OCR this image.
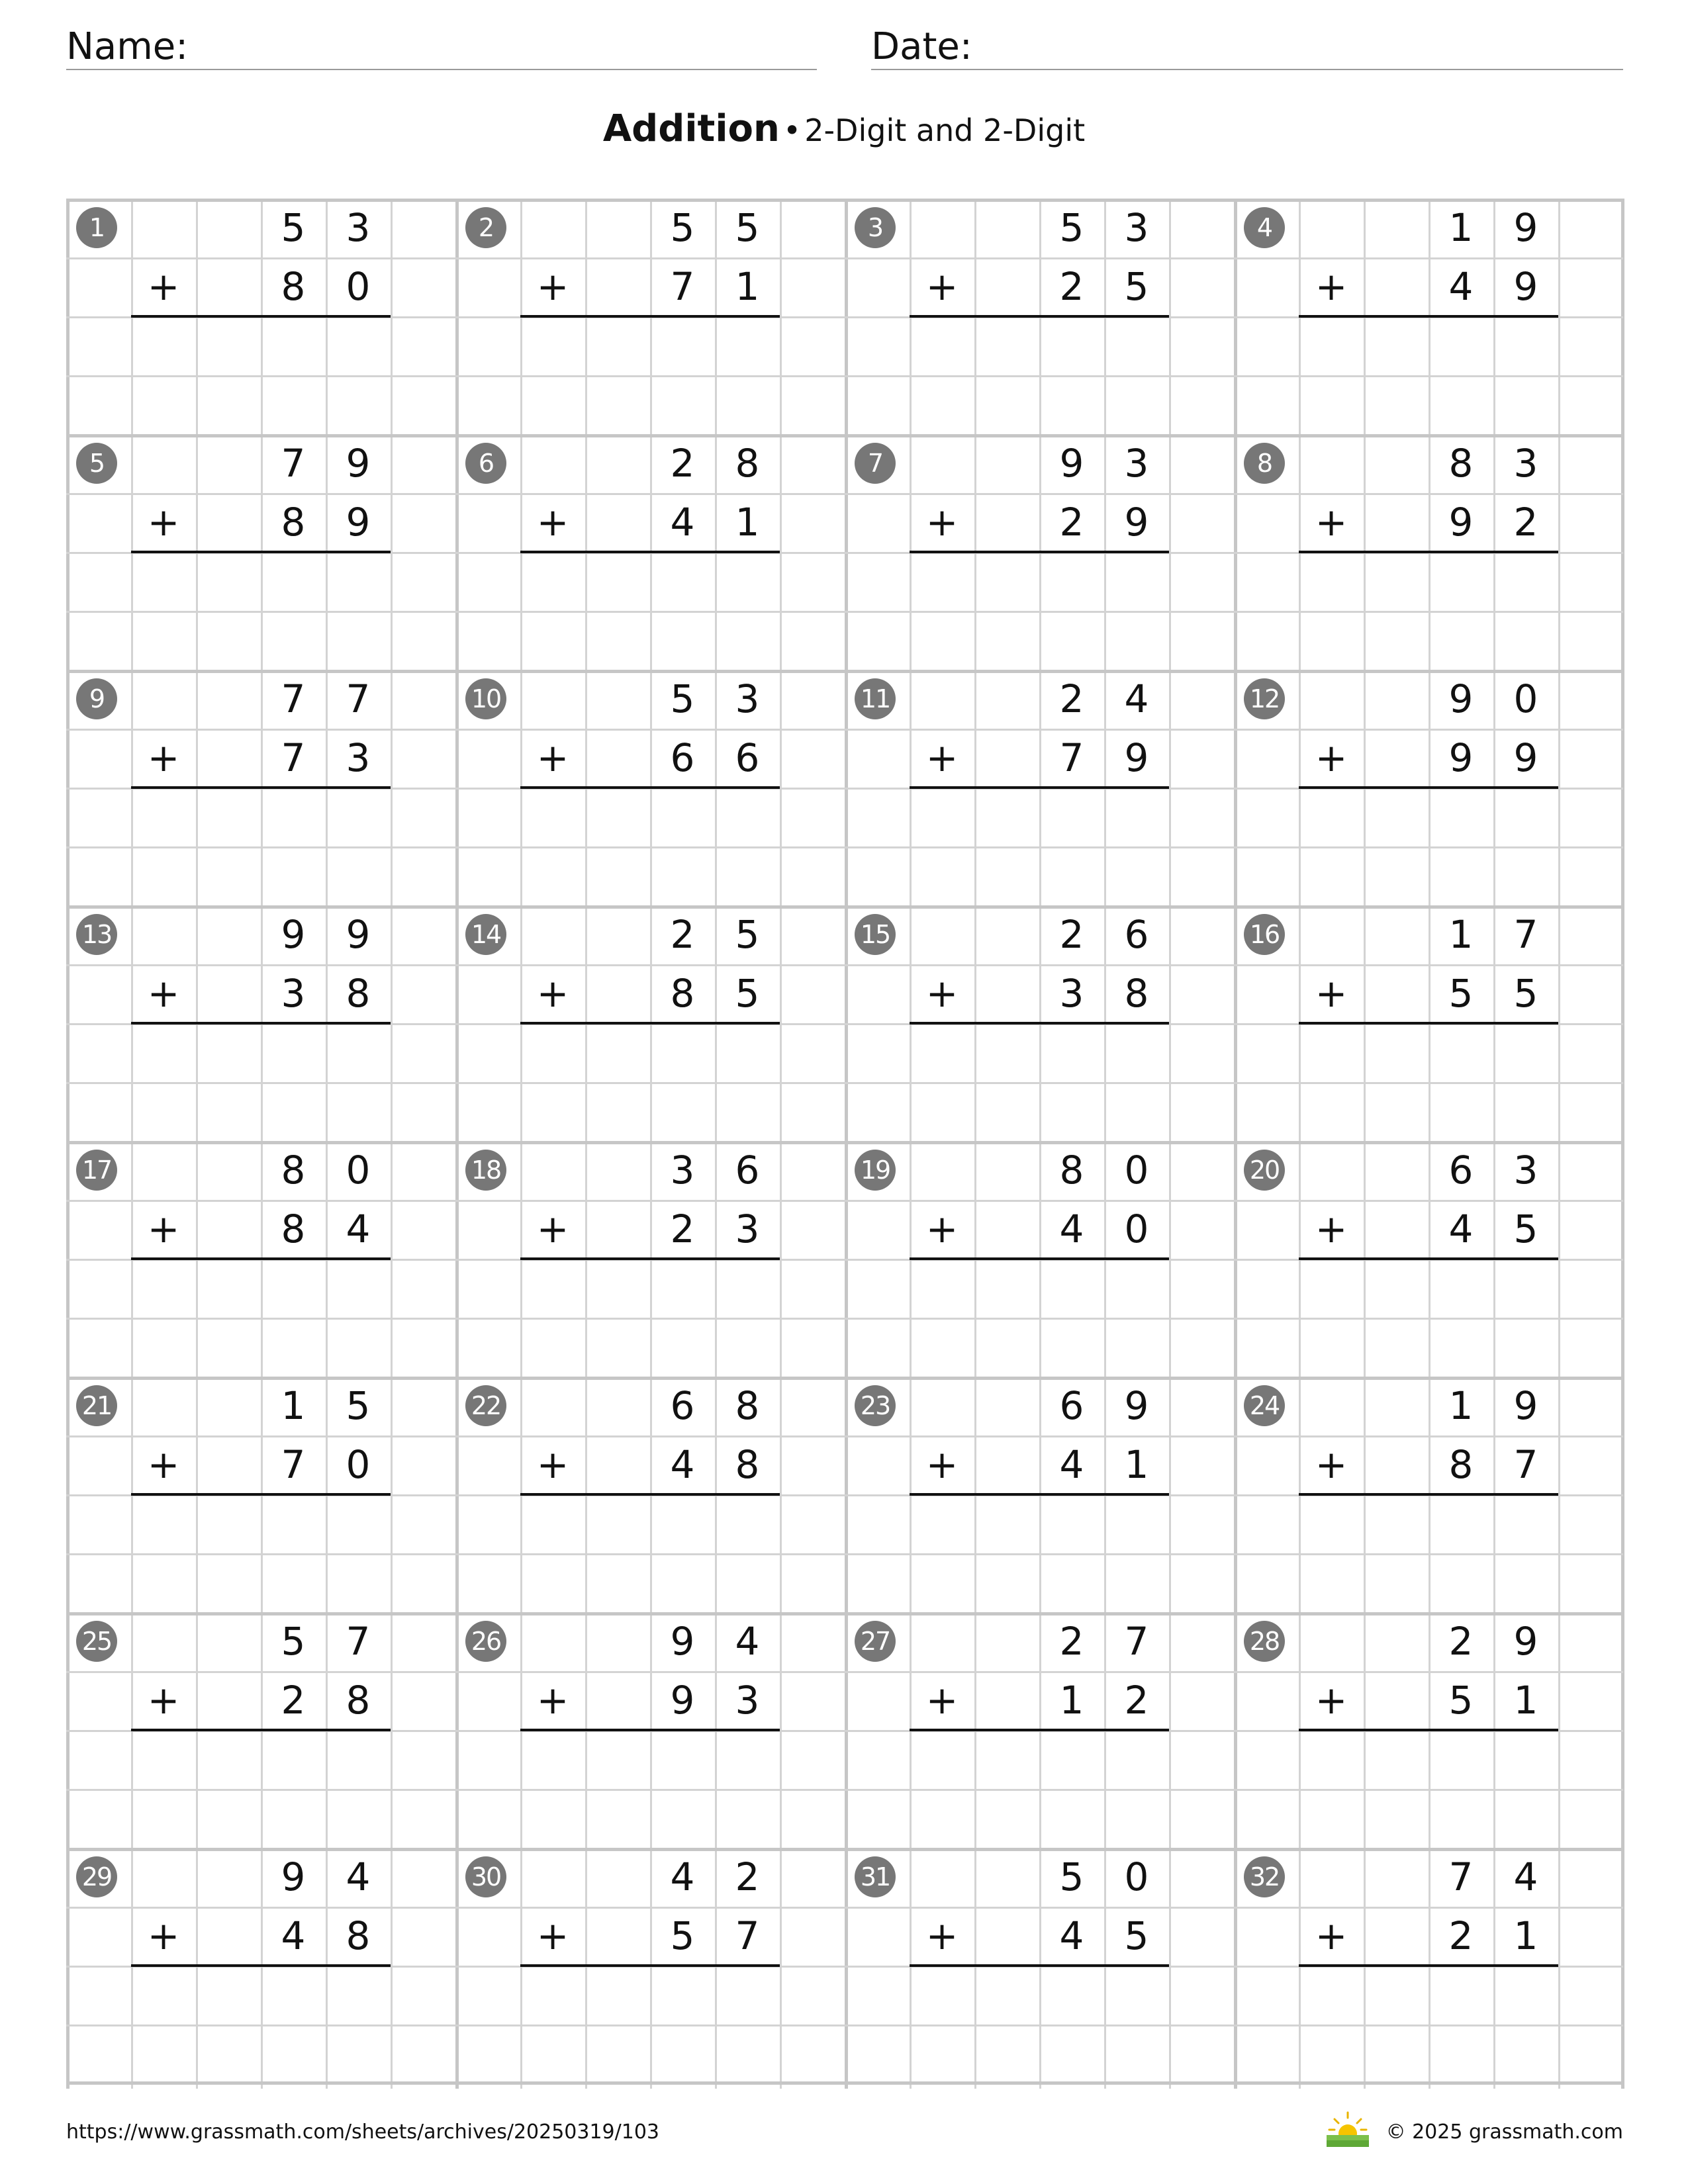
Name:	Date:
Addition • 2-Digit and 2-Digit
1	5	3
+	8	0
2	5	5
+	7	1
3	5	3
+	2	5
4	1	9
+	4	9
5	7	9
+	8	9
6	2	8
+	4	1
7	9	3
+	2	9
8	8	3
+	9	2
9	7	7
+	7	3
10	5	3
+	6	6
11	2	4
+	7	9
12	9	0
+	9	9
13	9	9
+	3	8
14	2	5
+	8	5
15	2	6
+	3	8
16	1	7
+	5	5
17	8	0
+	8	4
18	3	6
+	2	3
19	8	0
+	4	0
20	6	3
+	4	5
21	1	5
+	7	0
22	6	8
+	4	8
23	6	9
+	4	1
24	1	9
+	8	7
25	5	7
+	2	8
26	9	4
+	9	3
27	2	7
+	1	2
28	2	9
+	5	1
29	9	4
+	4	8
30	4	2
+	5	7
31	5	0
+	4	5
32	7	4
+	2	1
https://www.grassmath.com/sheets/archives/20250319/103	© 2025 grassmath.com
